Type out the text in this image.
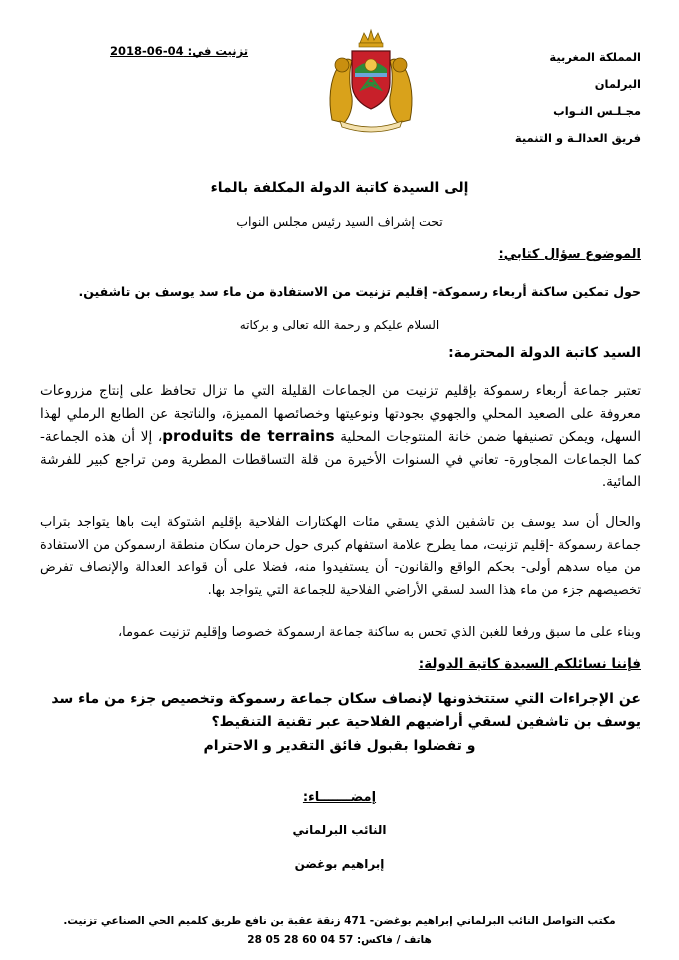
المملكة المغربية
البرلمان
مجـلـس النـواب
فريق العدالـة و التنمية
تزنيت في: 04-06-2018
إلى السيدة كاتبة الدولة المكلفة بالماء
تحت إشراف السيد رئيس مجلس النواب
الموضوع سؤال كتابي:
حول تمكين ساكنة أربعاء رسموكة- إقليم تزنيت من الاستفادة من ماء سد يوسف بن تاشفين.
السلام عليكم و رحمة الله تعالى و بركاته
السيد كاتبة الدولة المحترمة:
تعتبر جماعة أربعاء رسموكة بإقليم تزنيت من الجماعات القليلة التي ما تزال تحافظ على إنتاج مزروعات معروفة على الصعيد المحلي والجهوي بجودتها ونوعيتها وخصائصها المميزة، والناتجة عن الطابع الرملي لهذا السهل، ويمكن تصنيفها ضمن خانة المنتوجات المحلية produits de terrains، إلا أن هذه الجماعة- كما الجماعات المجاورة- تعاني في السنوات الأخيرة من قلة التساقطات المطرية ومن تراجع كبير للفرشة المائية.
والحال أن سد يوسف بن تاشفين الذي يسقي مئات الهكتارات الفلاحية بإقليم اشتوكة ايت باها يتواجد بتراب جماعة رسموكة -إقليم تزنيت، مما يطرح علامة استفهام كبرى حول حرمان سكان منطقة ارسموكن من الاستفادة من مياه سدهم أولى- بحكم الواقع والقانون- أن يستفيدوا منه، فضلا على أن قواعد العدالة والإنصاف تفرض تخصيصهم جزء من ماء هذا السد لسقي الأراضي الفلاحية للجماعة التي يتواجد بها.
وبناء على ما سبق ورفعا للغبن الذي تحس به ساكنة جماعة ارسموكة خصوصا وإقليم تزنيت عموما،
فإننا نسائلكم السيدة كاتبة الدولة:
عن الإجراءات التي ستتخذونها لإنصاف سكان جماعة رسموكة وتخصيص جزء من ماء سد يوسف بن تاشفين لسقي أراضيهم الفلاحية عبر تقنية التنقيط؟
و تفضلوا بقبول فائق التقدير و الاحترام
إمضـــــــاء:
النائب البرلماني
إبراهيم بوغضن
مكتب التواصل النائب البرلماني إبراهيم بوغضن- 471 زنقة عقبة بن نافع طريق كلميم الحي الصناعي تزنيت.
هاتف / فاكس: 57 04 60 28 05 28
